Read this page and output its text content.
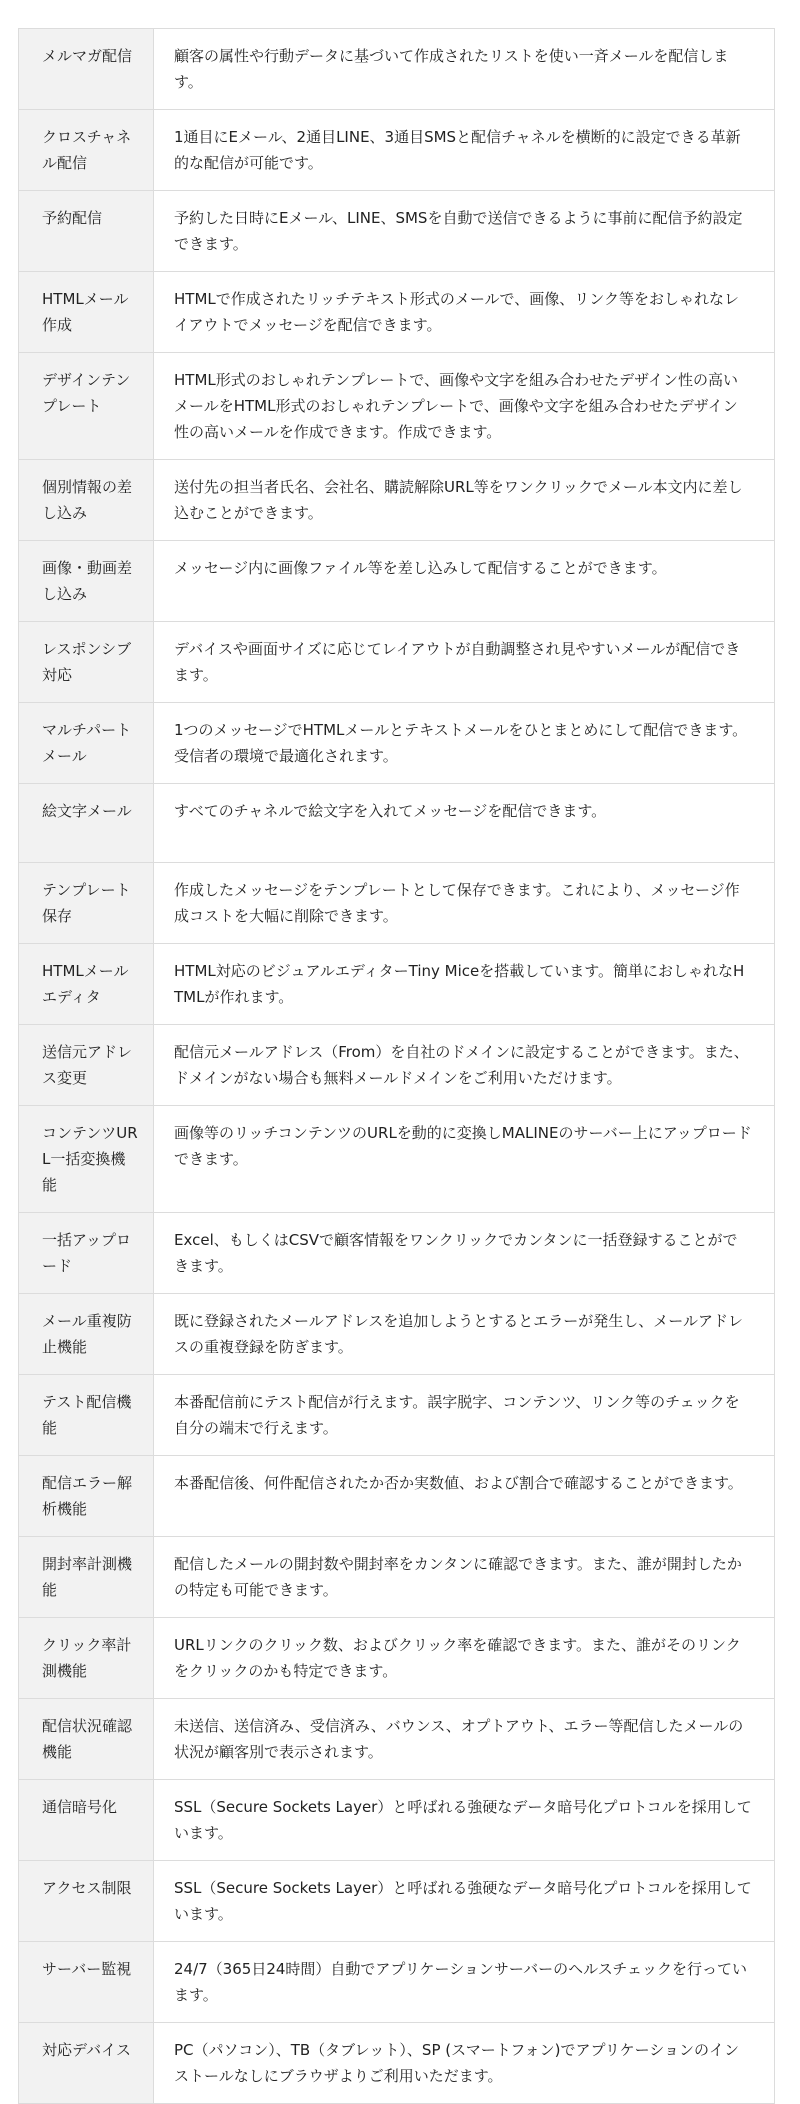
メルマガ配信	顧客の属性や行動データに基づいて作成されたリストを使い一斉メールを配信します。
クロスチャネル配信	1通目にEメール、2通目LINE、3通目SMSと配信チャネルを横断的に設定できる革新的な配信が可能です。
予約配信	予約した日時にEメール、LINE、SMSを自動で送信できるように事前に配信予約設定できます。
HTMLメール作成	HTMLで作成されたリッチテキスト形式のメールで、画像、リンク等をおしゃれなレイアウトでメッセージを配信できます。
デザインテンプレート	HTML形式のおしゃれテンプレートで、画像や文字を組み合わせたデザイン性の高いメールをHTML形式のおしゃれテンプレートで、画像や文字を組み合わせたデザイン性の高いメールを作成できます。作成できます。
個別情報の差し込み	送付先の担当者氏名、会社名、購読解除URL等をワンクリックでメール本文内に差し込むことができます。
画像・動画差し込み	メッセージ内に画像ファイル等を差し込みして配信することができます。
レスポンシブ対応	デバイスや画面サイズに応じてレイアウトが自動調整され見やすいメールが配信できます。
マルチパートメール	1つのメッセージでHTMLメールとテキストメールをひとまとめにして配信できます。受信者の環境で最適化されます。
絵文字メール	すべてのチャネルで絵文字を入れてメッセージを配信できます。
テンプレート保存	作成したメッセージをテンプレートとして保存できます。これにより、メッセージ作成コストを大幅に削除できます。
HTMLメールエディタ	HTML対応のビジュアルエディターTiny Miceを搭載しています。簡単におしゃれなHTMLが作れます。
送信元アドレス変更	配信元メールアドレス（From）を自社のドメインに設定することができます。また、ドメインがない場合も無料メールドメインをご利用いただけます。
コンテンツURL一括変換機能	画像等のリッチコンテンツのURLを動的に変換しMALINEのサーバー上にアップロードできます。
一括アップロード	Excel、もしくはCSVで顧客情報をワンクリックでカンタンに一括登録することができます。
メール重複防止機能	既に登録されたメールアドレスを追加しようとするとエラーが発生し、メールアドレスの重複登録を防ぎます。
テスト配信機能	本番配信前にテスト配信が行えます。誤字脱字、コンテンツ、リンク等のチェックを自分の端末で行えます。
配信エラー解析機能	本番配信後、何件配信されたか否か実数値、および割合で確認することができます。
開封率計測機能	配信したメールの開封数や開封率をカンタンに確認できます。また、誰が開封したかの特定も可能できます。
クリック率計測機能	URLリンクのクリック数、およびクリック率を確認できます。また、誰がそのリンクをクリックのかも特定できます。
配信状況確認機能	未送信、送信済み、受信済み、バウンス、オプトアウト、エラー等配信したメールの状況が顧客別で表示されます。
通信暗号化	SSL（Secure Sockets Layer）と呼ばれる強硬なデータ暗号化プロトコルを採用しています。
アクセス制限	SSL（Secure Sockets Layer）と呼ばれる強硬なデータ暗号化プロトコルを採用しています。
サーバー監視	24/7（365日24時間）自動でアプリケーションサーバーのヘルスチェックを行っています。
対応デバイス	PC（パソコン）、TB（タブレット）、SP (スマートフォン)でアプリケーションのインストールなしにブラウザよりご利用いただます。
